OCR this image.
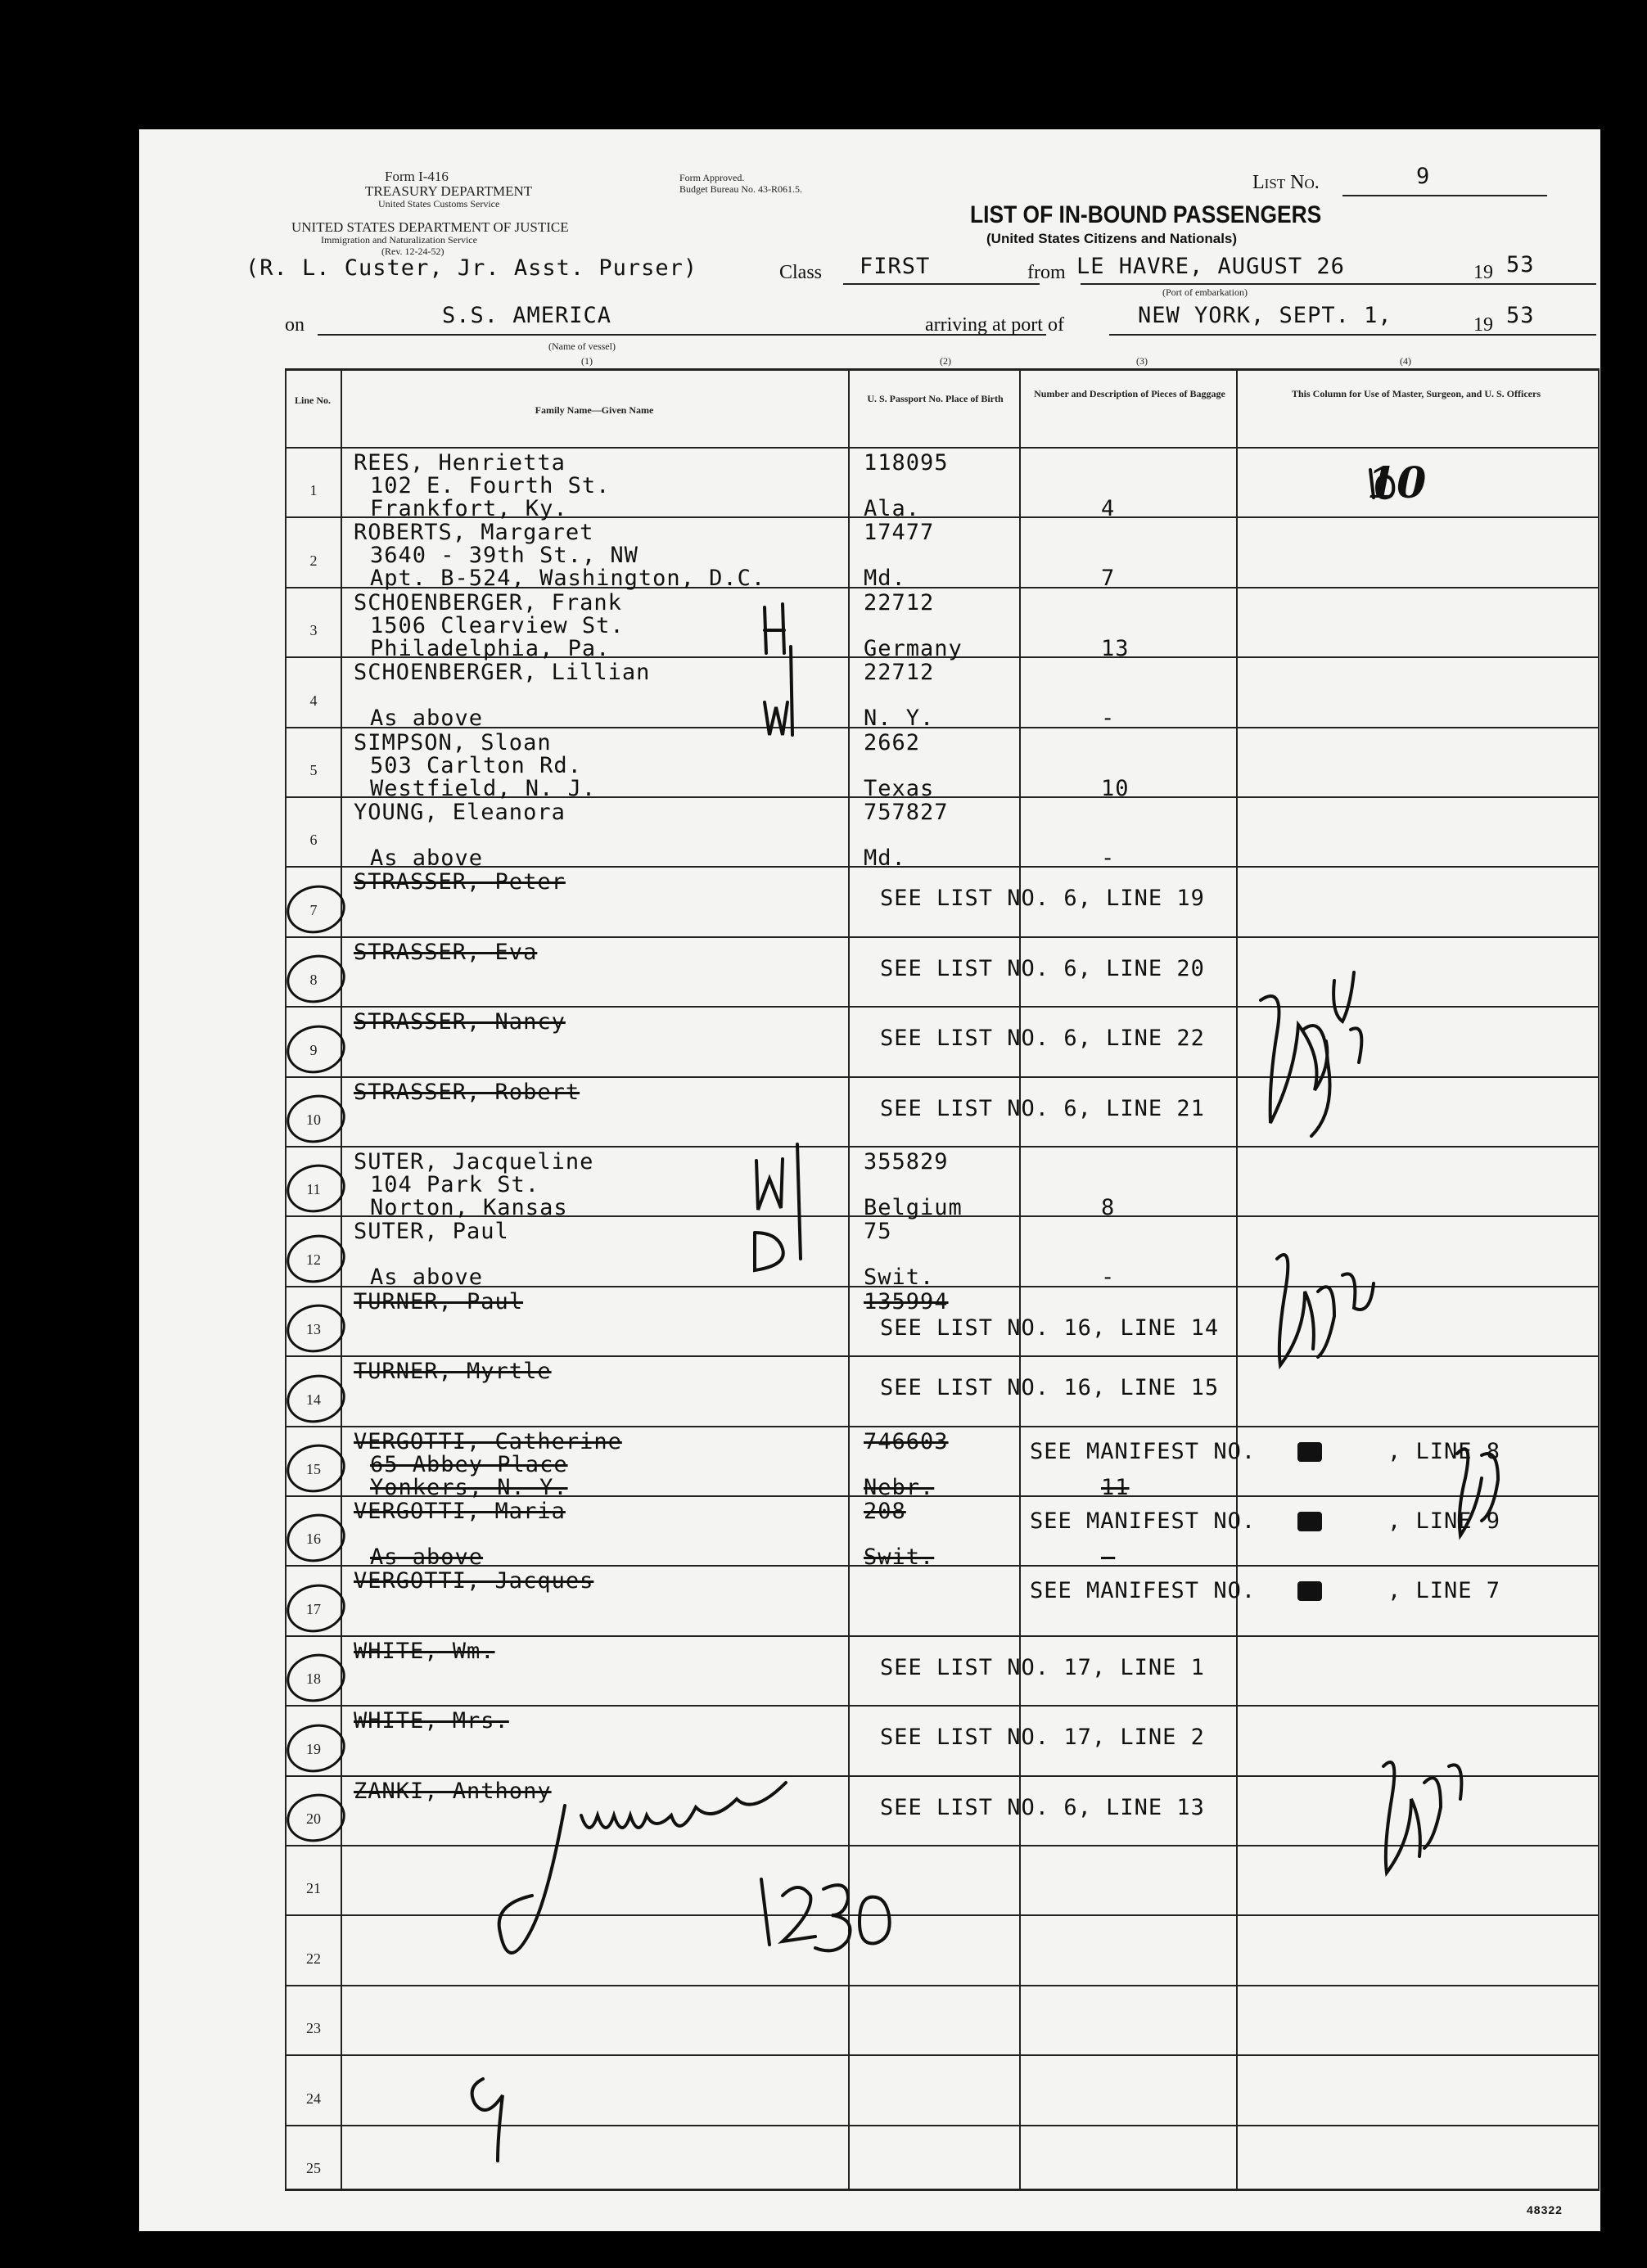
Form I-416
TREASURY DEPARTMENT
United States Customs Service
UNITED STATES DEPARTMENT OF JUSTICE
Immigration and Naturalization Service
(Rev. 12-24-52)
Form Approved.
Budget Bureau No. 43-R061.5.
LIST OF IN-BOUND PASSENGERS
(United States Citizens and Nationals)
List No.	9
(R. L. Custer, Jr. Asst. Purser)	Class FIRST	from LE HAVRE, AUGUST 26	19 53
(Port of embarkation)
on	S.S. AMERICA
(Name of vessel)
arriving at port of	NEW YORK, SEPT. 1,	19 53
(1)	(2)	(3)	(4)
Line No.
Family Name—Given Name
U. S. Passport No. Place of Birth	Number and Description of Pieces of Baggage	This Column for Use of Master, Surgeon, and U. S. Officers
1
REES, Henrietta
102 E. Fourth St.
Frankfort, Ky.
118095
Ala.	4
2
ROBERTS, Margaret
3640 - 39th St., NW
Apt. B-524, Washington, D.C.
17477
Md.	7
3
SCHOENBERGER, Frank
1506 Clearview St.
Philadelphia, Pa.
22712
Germany	13
4
SCHOENBERGER, Lillian
As above
22712
N. Y.	-
5
SIMPSON, Sloan
503 Carlton Rd.
Westfield, N. J.
2662
Texas	10
6
YOUNG, Eleanora
As above
757827
Md.	-
7
STRASSER, Peter
SEE LIST NO. 6, LINE 19
8
STRASSER, Eva
SEE LIST NO. 6, LINE 20
9
STRASSER, Nancy
SEE LIST NO. 6, LINE 22
10
STRASSER, Robert
SEE LIST NO. 6, LINE 21
11
SUTER, Jacqueline
104 Park St.
Norton, Kansas
355829
Belgium	8
12
SUTER, Paul
As above
75
Swit.	-
13
TURNER, Paul	135994
SEE LIST NO. 16, LINE 14
14
TURNER, Myrtle
SEE LIST NO. 16, LINE 15
15
VERGOTTI, Catherine
65 Abbey Place
Yonkers, N. Y.
746603
Nebr.	11
SEE MANIFEST NO.	, LINE 8
16
VERGOTTI, Maria
As above
208
Swit.	-
SEE MANIFEST NO.	, LINE 9
17
VERGOTTI, Jacques	SEE MANIFEST NO.	, LINE 7
18
WHITE, Wm.
SEE LIST NO. 17, LINE 1
19
WHITE, Mrs.
SEE LIST NO. 17, LINE 2
20
ZANKI, Anthony
SEE LIST NO. 6, LINE 13
21
22
23
24
25
10
48322
